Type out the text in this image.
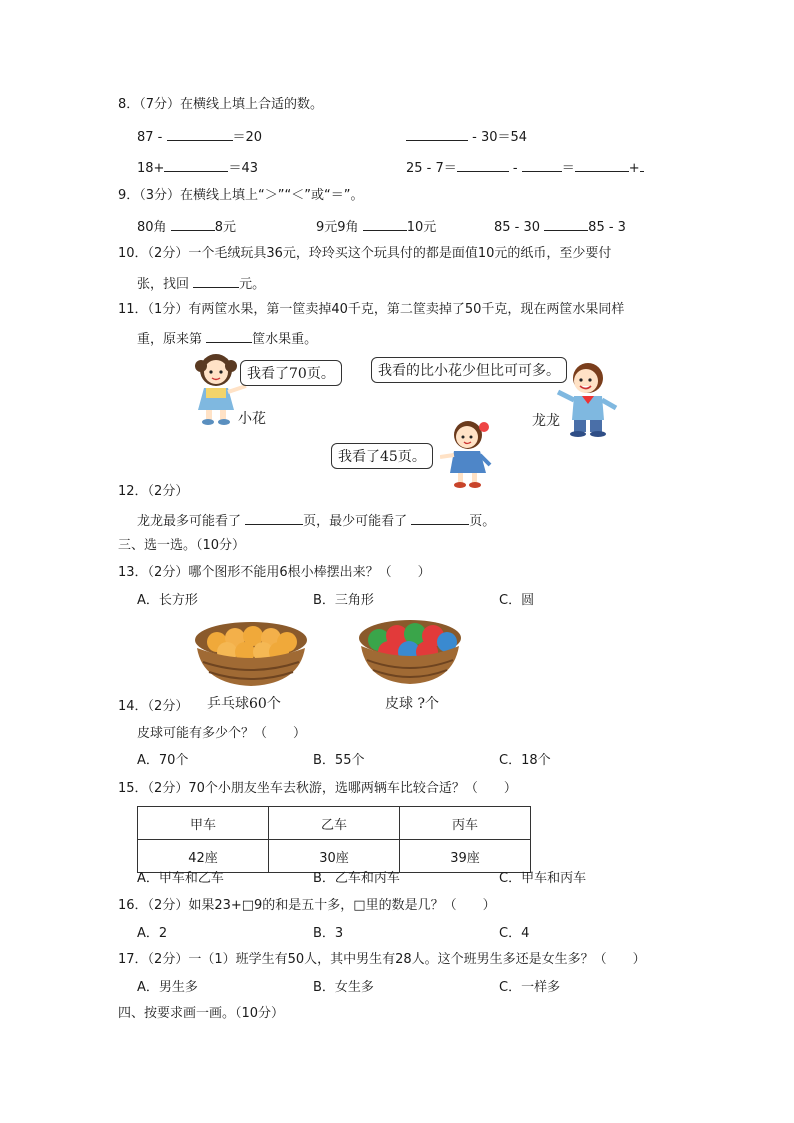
8．（7分）在横线上填上合适的数。
87 -	＝20	- 30＝54
18+	＝43	25 - 7＝	-	＝	+
9．（3分）在横线上填上“＞”“＜”或“＝”。
80角	8元	9元9角	10元	85 - 30	85 - 3
10．（2分）一个毛绒玩具36元，玲玲买这个玩具付的都是面值10元的纸币，至少要付
张，找回	元。
11．（1分）有两筐水果，第一筐卖掉40千克，第二筐卖掉了50千克，现在两筐水果同样
重，原来第	筐水果重。
我看了70页。
小花
我看的比小花少但比可可多。
龙龙
我看了45页。
12．（2分）
龙龙最多可能看了	页，最少可能看了	页。
三、选一选。（10分）
13．（2分）哪个图形不能用6根小棒摆出来？（　　）
A．长方形	B．三角形	C．圆
乒乓球60个	皮球 ?个
14．（2分）
皮球可能有多少个？（　　）
A．70个	B．55个	C．18个
15．（2分）70个小朋友坐车去秋游，选哪两辆车比较合适？（　　）
甲车	乙车	丙车
42座	30座	39座
A．甲车和乙车	B．乙车和丙车	C．甲车和丙车
16．（2分）如果23+□9的和是五十多，□里的数是几？（　　）
A．2	B．3	C．4
17．（2分）一（1）班学生有50人，其中男生有28人。这个班男生多还是女生多？（　　）
A．男生多	B．女生多	C．一样多
四、按要求画一画。（10分）
